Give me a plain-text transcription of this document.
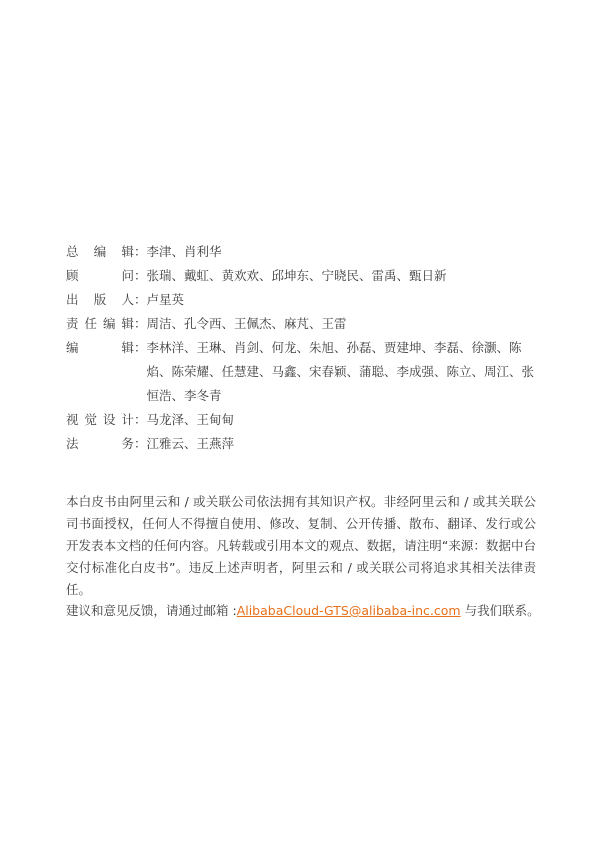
总 编 辑 ： 李津、肖利华
顾	问 ： 张瑞、戴虹、黄欢欢、邱坤东、宁晓民、雷禹、甄日新
出 版 人 ： 卢星英
责 任 编 辑 ： 周洁、孔令西、王佩杰、麻芃、王雷
编	辑 ： 李林洋、王琳、肖剑、何龙、朱旭、孙磊、贾建坤、李磊、徐灏、陈焰、陈荣耀、任慧建、马鑫、宋春颖、蒲聪、李成强、陈立、周江、张恒浩、李冬青
视 觉 设 计 ： 马龙泽、王甸甸
法	务 ： 江雅云、王燕萍

本白皮书由阿里云和 / 或关联公司依法拥有其知识产权。非经阿里云和 / 或其关联公司书面授权，任何人不得擅自使用、修改、复制、公开传播、散布、翻译、发行或公开发表本文档的任何内容。凡转载或引用本文的观点、数据，请注明“来源：数据中台交付标准化白皮书”。违反上述声明者，阿里云和 / 或关联公司将追求其相关法律责任。

建议和意见反馈，请通过邮箱 :AlibabaCloud-GTS@alibaba-inc.com 与我们联系。
